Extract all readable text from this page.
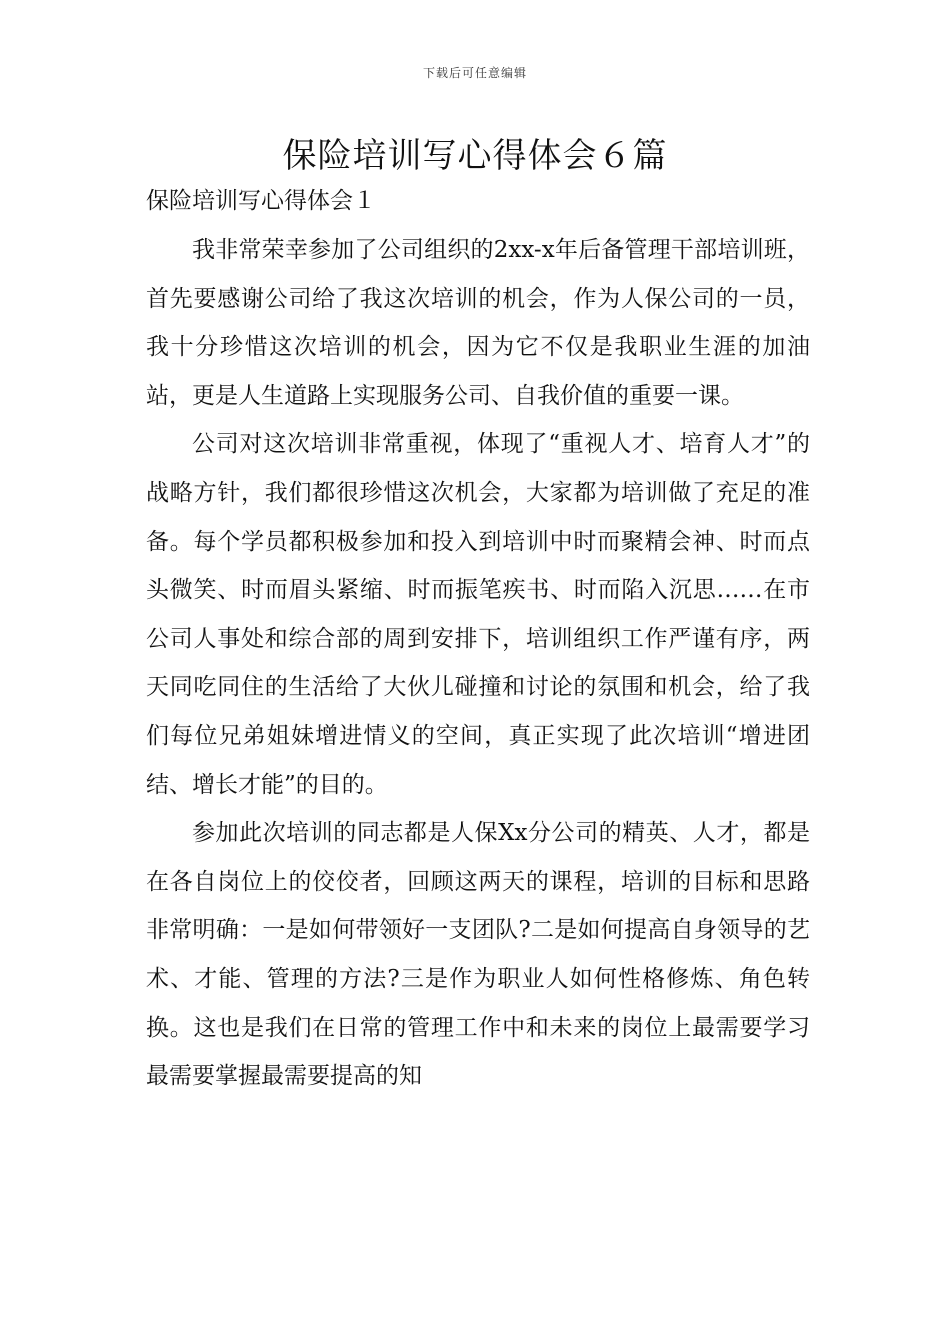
下载后可任意编辑
保险培训写心得体会６篇
保险培训写心得体会１

我非常荣幸参加了公司组织的2xx-x年后备管理干部培训班，首先要感谢公司给了我这次培训的机会，作为人保公司的一员，我十分珍惜这次培训的机会，因为它不仅是我职业生涯的加油站，更是人生道路上实现服务公司、自我价值的重要一课。

公司对这次培训非常重视，体现了“重视人才、培育人才”的战略方针，我们都很珍惜这次机会，大家都为培训做了充足的准备。每个学员都积极参加和投入到培训中时而聚精会神、时而点头微笑、时而眉头紧缩、时而振笔疾书、时而陷入沉思……在市公司人事处和综合部的周到安排下，培训组织工作严谨有序，两天同吃同住的生活给了大伙儿碰撞和讨论的氛围和机会，给了我们每位兄弟姐妹增进情义的空间，真正实现了此次培训“增进团结、增长才能”的目的。

参加此次培训的同志都是人保Xx分公司的精英、人才，都是在各自岗位上的佼佼者，回顾这两天的课程，培训的目标和思路非常明确：一是如何带领好一支团队?二是如何提高自身领导的艺术、才能、管理的方法?三是作为职业人如何性格修炼、角色转换。这也是我们在日常的管理工作中和未来的岗位上最需要学习最需要掌握最需要提高的知
